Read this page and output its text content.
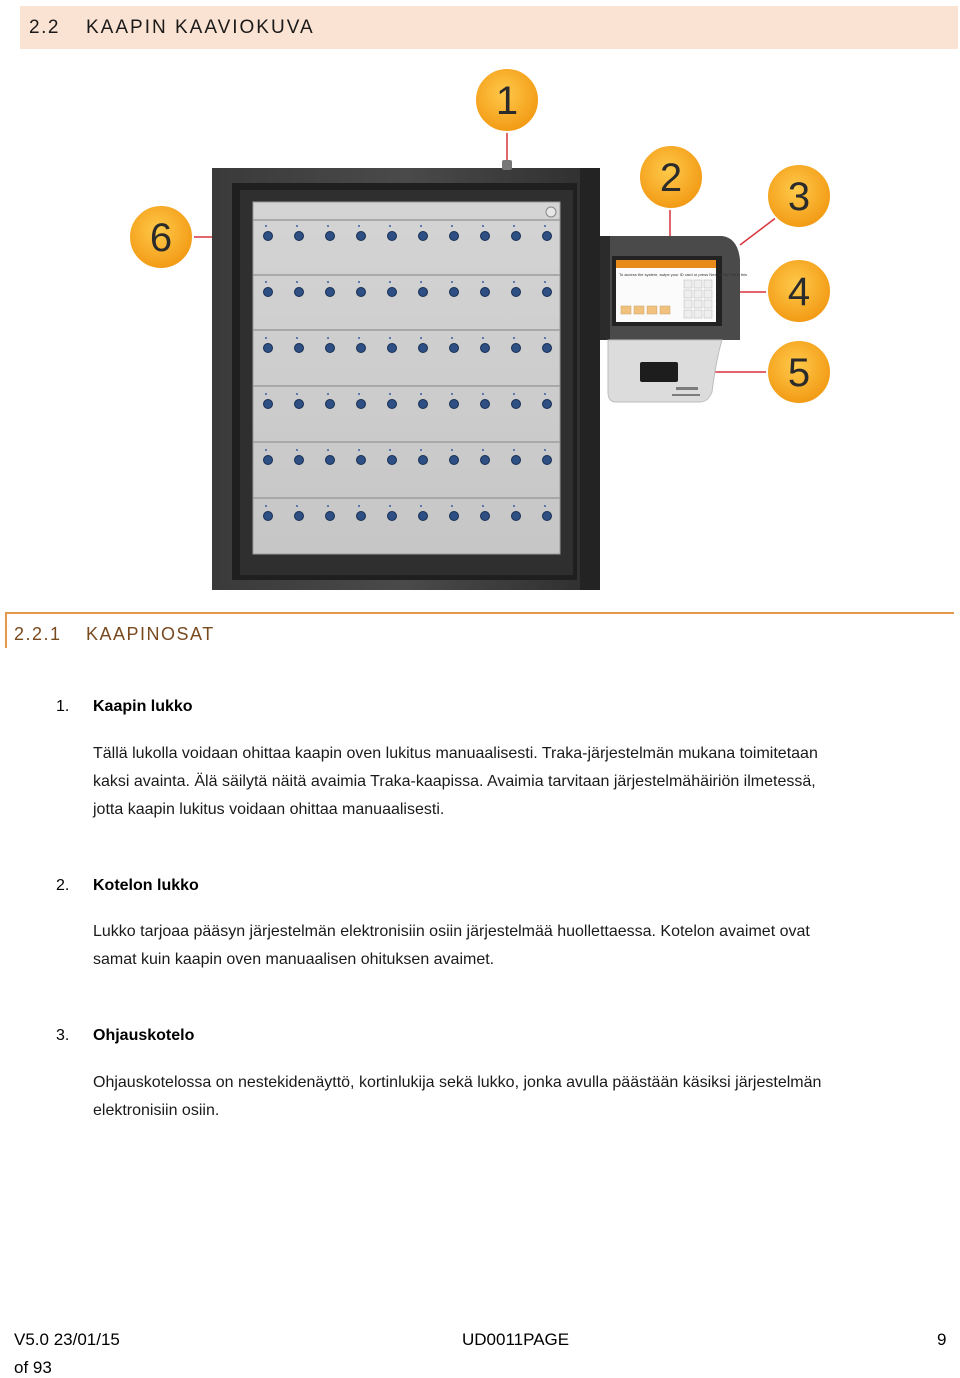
2.2 KAAPIN KAAVIOKUVA
To access the system, swipe your ID card or press Next in No PIN is this
1
2	3
4
5
6
2.2.1 KAAPINOSAT
1. Kaapin lukko
Tällä lukolla voidaan ohittaa kaapin oven lukitus manuaalisesti. Traka-järjestelmän mukana toimitetaan
kaksi avainta. Älä säilytä näitä avaimia Traka-kaapissa. Avaimia tarvitaan järjestelmähäiriön ilmetessä,
jotta kaapin lukitus voidaan ohittaa manuaalisesti.
2. Kotelon lukko
Lukko tarjoaa pääsyn järjestelmän elektronisiin osiin järjestelmää huollettaessa. Kotelon avaimet ovat
samat kuin kaapin oven manuaalisen ohituksen avaimet.
3. Ohjauskotelo
Ohjauskotelossa on nestekidenäyttö, kortinlukija sekä lukko, jonka avulla päästään käsiksi järjestelmän
elektronisiin osiin.
V5.0 23/01/15	UD0011PAGE	9
of 93
